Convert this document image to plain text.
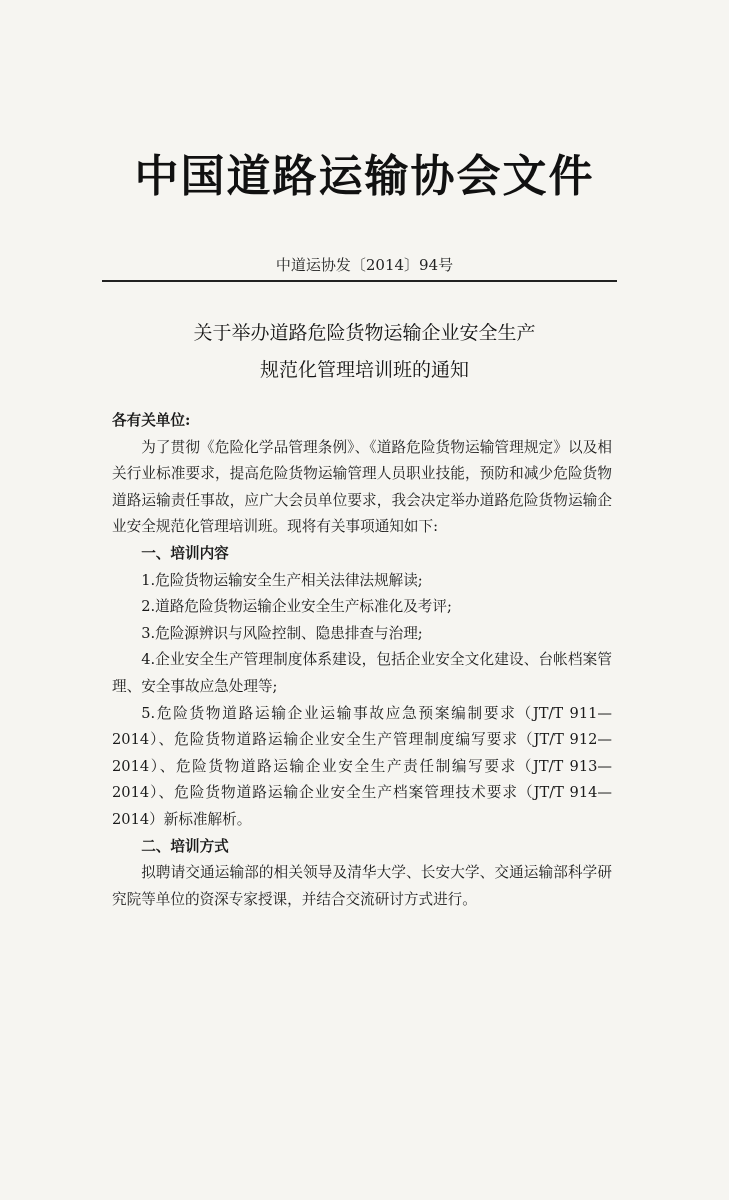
中国道路运输协会文件
中道运协发〔2014〕94号
关于举办道路危险货物运输企业安全生产
规范化管理培训班的通知

各有关单位:

为了贯彻《危险化学品管理条例》、《道路危险货物运输管理规定》以及相关行业标准要求，提高危险货物运输管理人员职业技能，预防和减少危险货物道路运输责任事故，应广大会员单位要求，我会决定举办道路危险货物运输企业安全规范化管理培训班。现将有关事项通知如下:

一、培训内容

1.危险货物运输安全生产相关法律法规解读;

2.道路危险货物运输企业安全生产标准化及考评;

3.危险源辨识与风险控制、隐患排查与治理;

4.企业安全生产管理制度体系建设，包括企业安全文化建设、台帐档案管理、安全事故应急处理等;

5.危险货物道路运输企业运输事故应急预案编制要求（JT/T 911—2014）、危险货物道路运输企业安全生产管理制度编写要求（JT/T 912—2014）、危险货物道路运输企业安全生产责任制编写要求（JT/T 913—2014）、危险货物道路运输企业安全生产档案管理技术要求（JT/T 914—2014）新标准解析。

二、培训方式

拟聘请交通运输部的相关领导及清华大学、长安大学、交通运输部科学研究院等单位的资深专家授课，并结合交流研讨方式进行。
